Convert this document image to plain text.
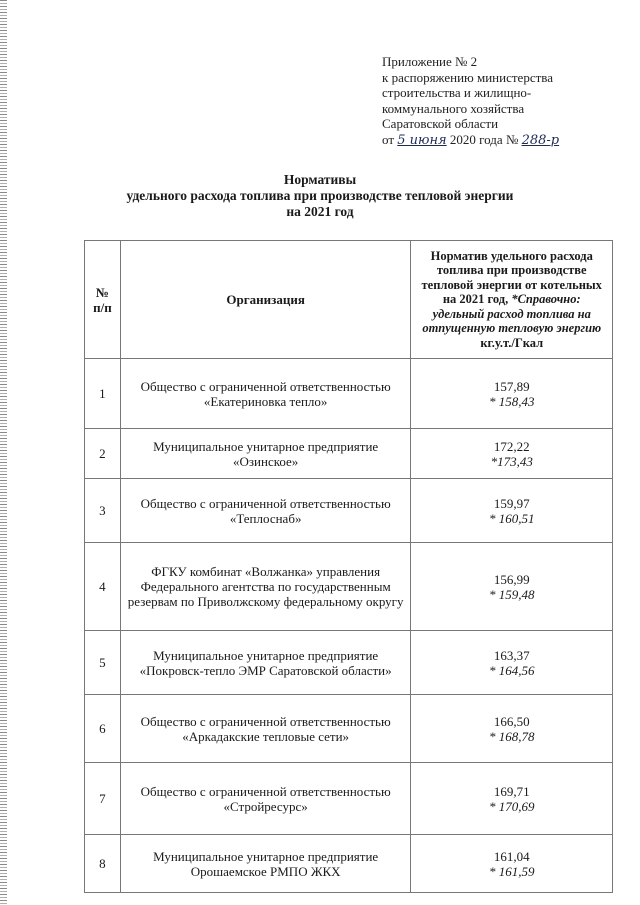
Приложение № 2
к распоряжению министерства
строительства и жилищно-
коммунального хозяйства
Саратовской области
от 5 июня 2020 года № 288-р
Нормативы
удельного расхода топлива при производстве тепловой энергии
на 2021 год
№ п/п	Организация	Норматив удельного расхода топлива при производстве тепловой энергии от котельных на 2021 год, *Справочно: удельный расход топлива на отпущенную тепловую энергию кг.у.т./Гкал
1	Общество с ограниченной ответственностью «Екатериновка тепло»	157,89
* 158,43

2	Муниципальное унитарное предприятие «Озинское»	172,22
*173,43

3	Общество с ограниченной ответственностью «Теплоснаб»	159,97
* 160,51

4	ФГКУ комбинат «Волжанка» управления Федерального агентства по государственным резервам по Приволжскому федеральному округу	156,99
* 159,48

5	Муниципальное унитарное предприятие «Покровск-тепло ЭМР Саратовской области»	163,37
* 164,56

6	Общество с ограниченной ответственностью «Аркадакские тепловые сети»	166,50
* 168,78

7	Общество с ограниченной ответственностью «Стройресурс»	169,71
* 170,69

8	Муниципальное унитарное предприятие Орошаемское РМПО ЖКХ	161,04
* 161,59
